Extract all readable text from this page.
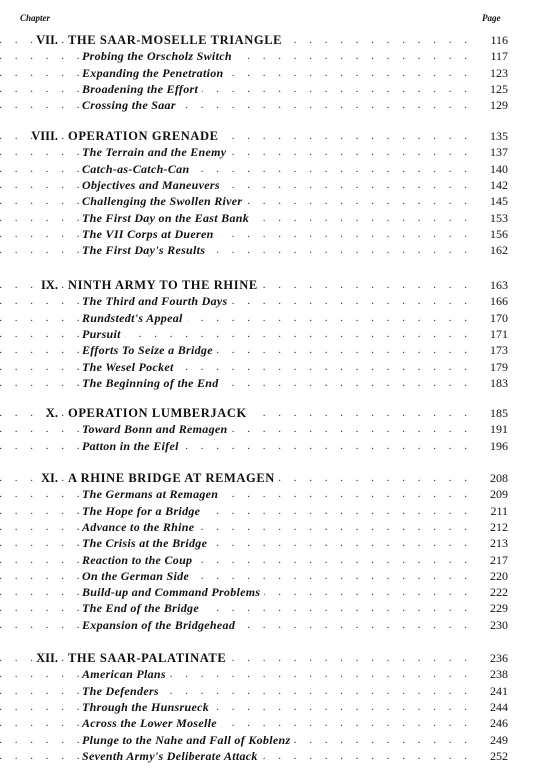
Chapter	Page
. . .
VII. THE SAAR-MOSELLE TRIANGLE	116
. . .
Probing the Orscholz Switch	117
. . .
Expanding the Penetration	123
. . .
Broadening the Effort	125
. . .
Crossing the Saar	129
. . .
VIII. OPERATION GRENADE	135
. . .
The Terrain and the Enemy	137
. . .
Catch-as-Catch-Can	140
. . .
Objectives and Maneuvers	142
. . .
Challenging the Swollen River	145
. . .
The First Day on the East Bank	153
. . .
The VII Corps at Dueren	156
. . .
The First Day's Results	162
. . .
IX. NINTH ARMY TO THE RHINE	163
. . .
The Third and Fourth Days	166
. . .
Rundstedt's Appeal	170
. . .
Pursuit	171
. . .
Efforts To Seize a Bridge	173
. . .
The Wesel Pocket	179
. . .
The Beginning of the End	183
. . .
X. OPERATION LUMBERJACK	185
. . .
Toward Bonn and Remagen	191
. . .
Patton in the Eifel	196
. . .
XI. A RHINE BRIDGE AT REMAGEN	208
. . .
The Germans at Remagen	209
. . .
The Hope for a Bridge	211
. . .
Advance to the Rhine	212
. . .
The Crisis at the Bridge	213
. . .
Reaction to the Coup	217
. . .
On the German Side	220
. . .
Build-up and Command Problems	222
. . .
The End of the Bridge	229
. . .
Expansion of the Bridgehead	230
. . .
XII. THE SAAR-PALATINATE	236
. . .
American Plans	238
. . .
The Defenders	241
. . .
Through the Hunsrueck	244
. . .
Across the Lower Moselle	246
. . .
Plunge to the Nahe and Fall of Koblenz	249
. . .
Seventh Army's Deliberate Attack	252
